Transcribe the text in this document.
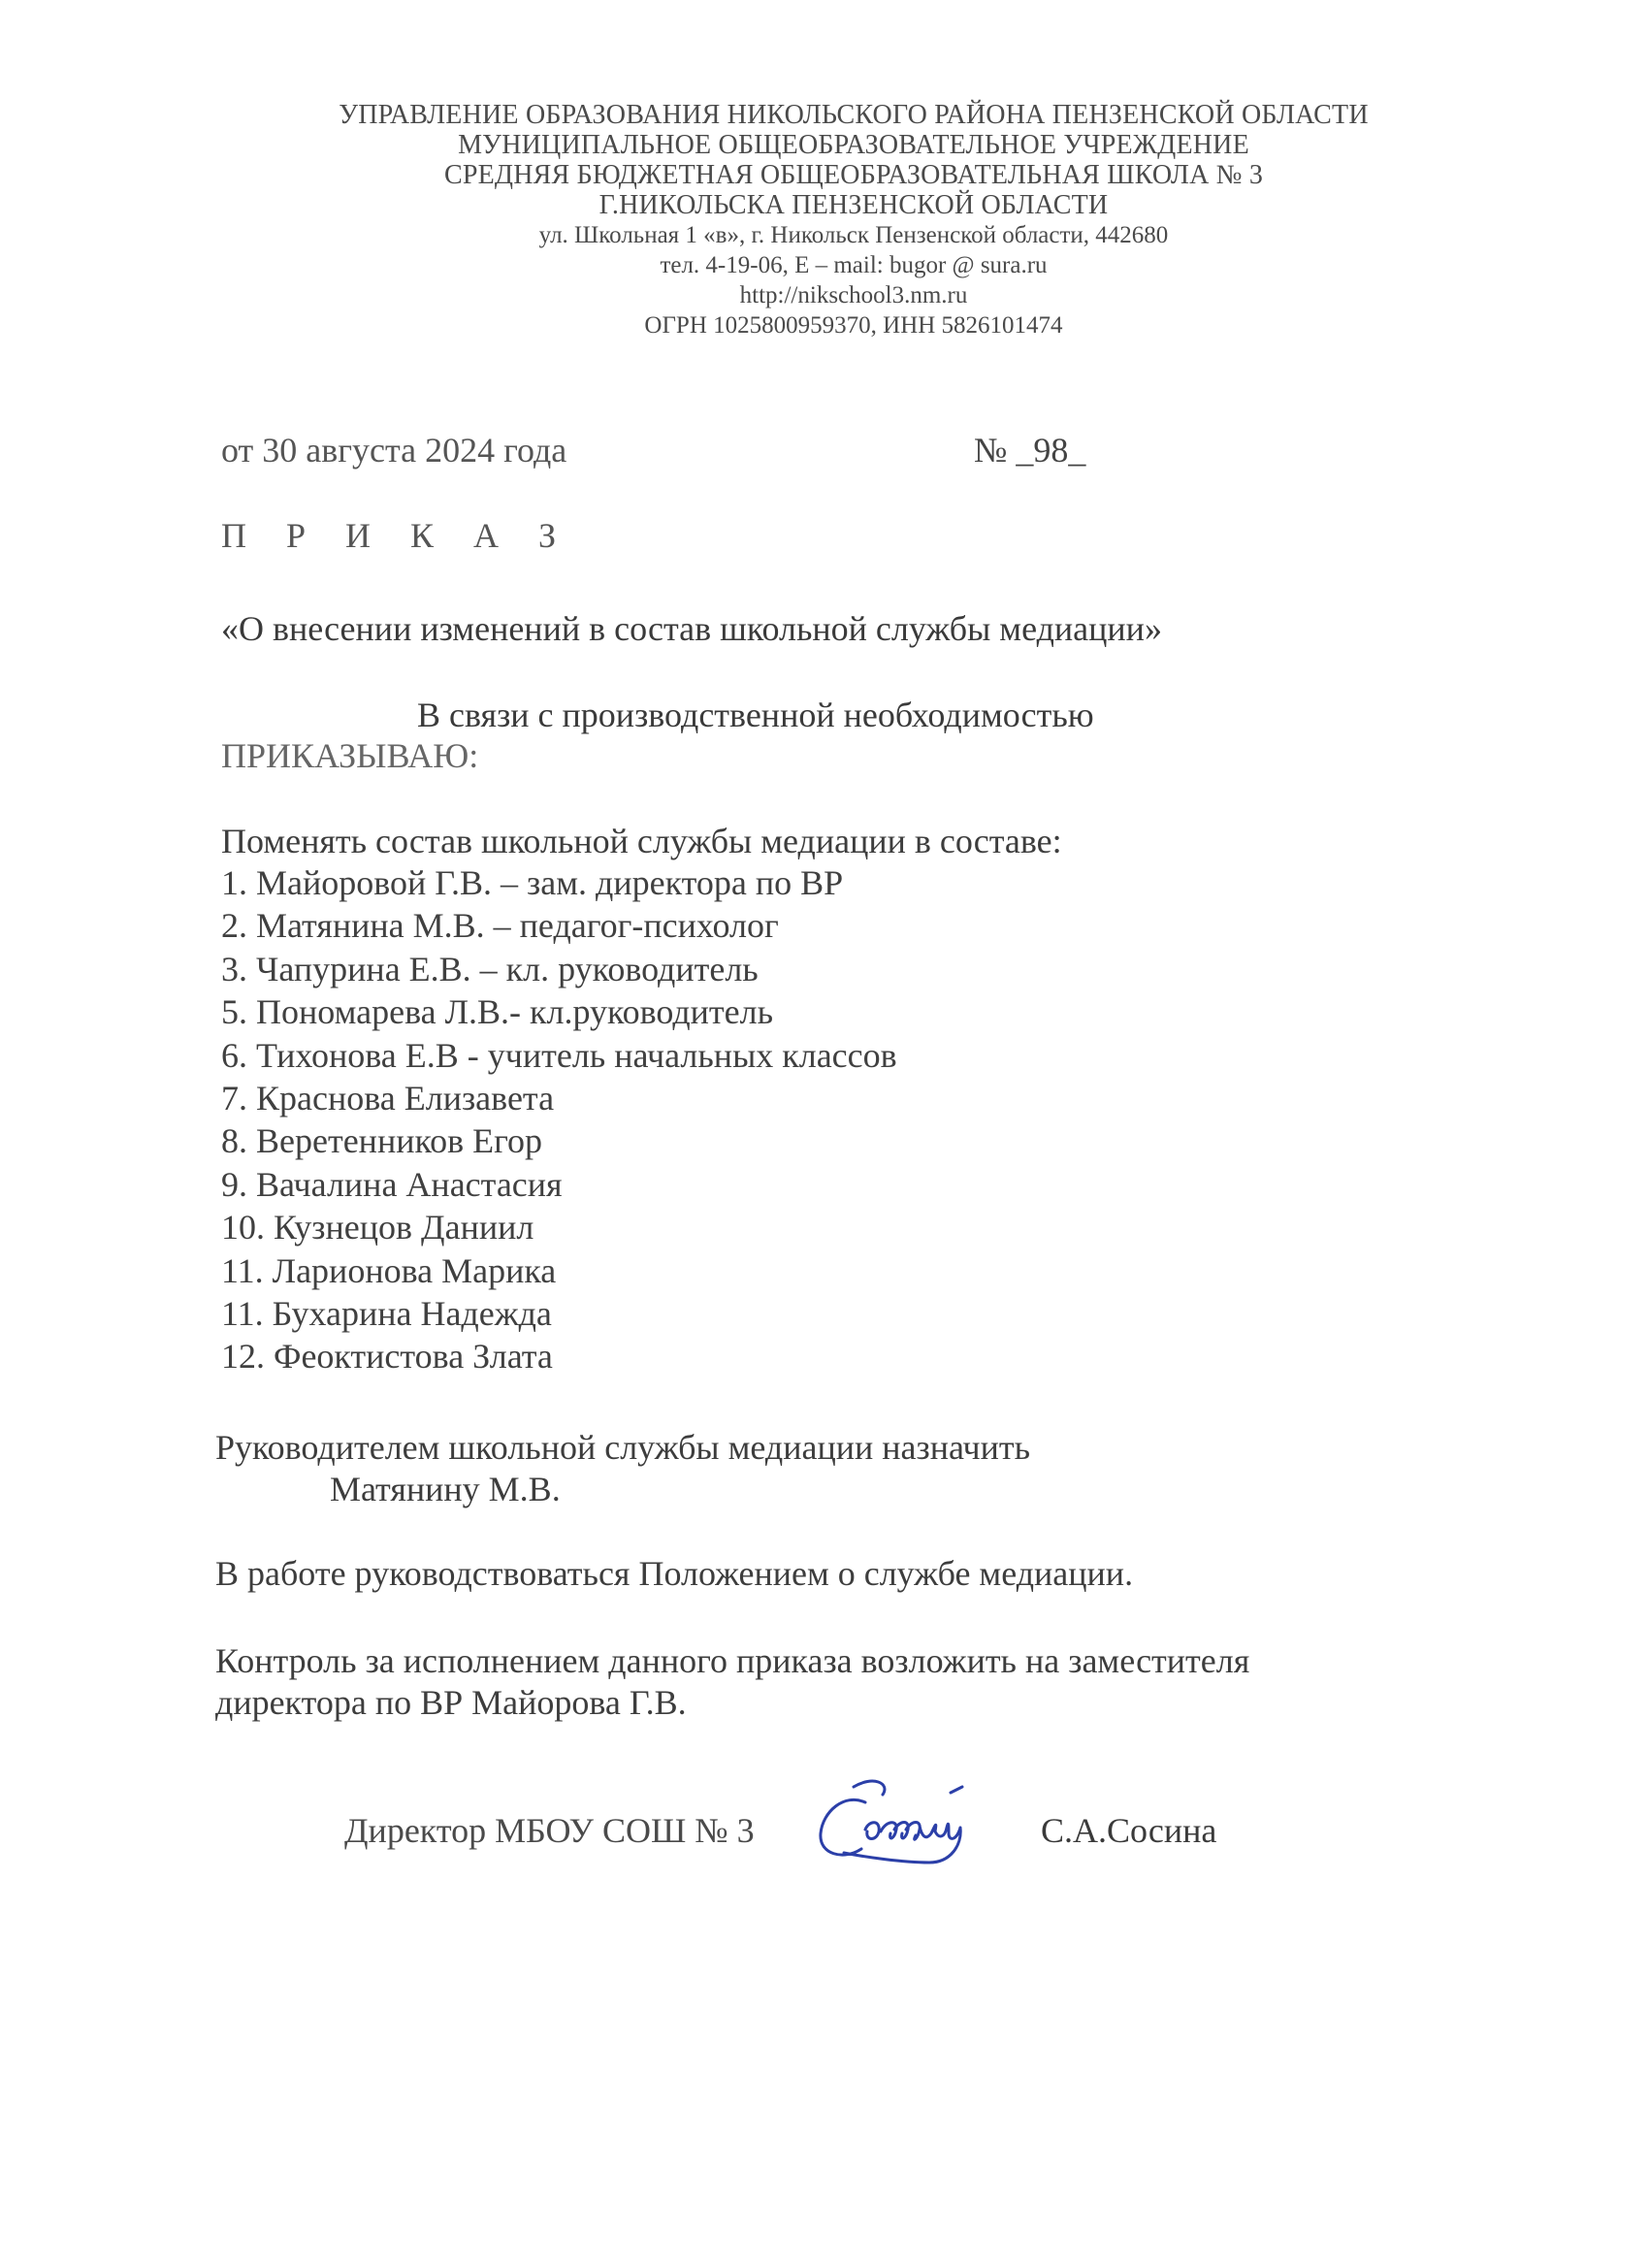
УПРАВЛЕНИЕ ОБРАЗОВАНИЯ НИКОЛЬСКОГО РАЙОНА ПЕНЗЕНСКОЙ ОБЛАСТИ
МУНИЦИПАЛЬНОЕ ОБЩЕОБРАЗОВАТЕЛЬНОЕ УЧРЕЖДЕНИЕ
СРЕДНЯЯ БЮДЖЕТНАЯ ОБЩЕОБРАЗОВАТЕЛЬНАЯ ШКОЛА № 3
Г.НИКОЛЬСКА ПЕНЗЕНСКОЙ ОБЛАСТИ
ул. Школьная 1 «в», г. Никольск Пензенской области, 442680
тел. 4-19-06, E – mail: bugor @ sura.ru
http://nikschool3.nm.ru
ОГРН 1025800959370, ИНН 5826101474
от 30 августа 2024 года	№ _98_
П Р И К А З
«О внесении изменений в состав школьной службы медиации»
В связи с производственной необходимостью
ПРИКАЗЫВАЮ:
Поменять состав школьной службы медиации в составе:
1. Майоровой Г.В. – зам. директора по ВР
2. Матянина М.В. – педагог-психолог
3. Чапурина Е.В. – кл. руководитель
5. Пономарева Л.В.- кл.руководитель
6. Тихонова Е.В - учитель начальных классов
7. Краснова Елизавета
8. Веретенников Егор
9. Вачалина Анастасия
10. Кузнецов Даниил
11. Ларионова Марика
11. Бухарина Надежда
12. Феоктистова Злата
Руководителем школьной службы медиации назначить
Матянину М.В.
В работе руководствоваться Положением о службе медиации.
Контроль за исполнением данного приказа возложить на заместителя
директора по ВР Майорова Г.В.
Директор МБОУ СОШ № 3	С.А.Сосина
